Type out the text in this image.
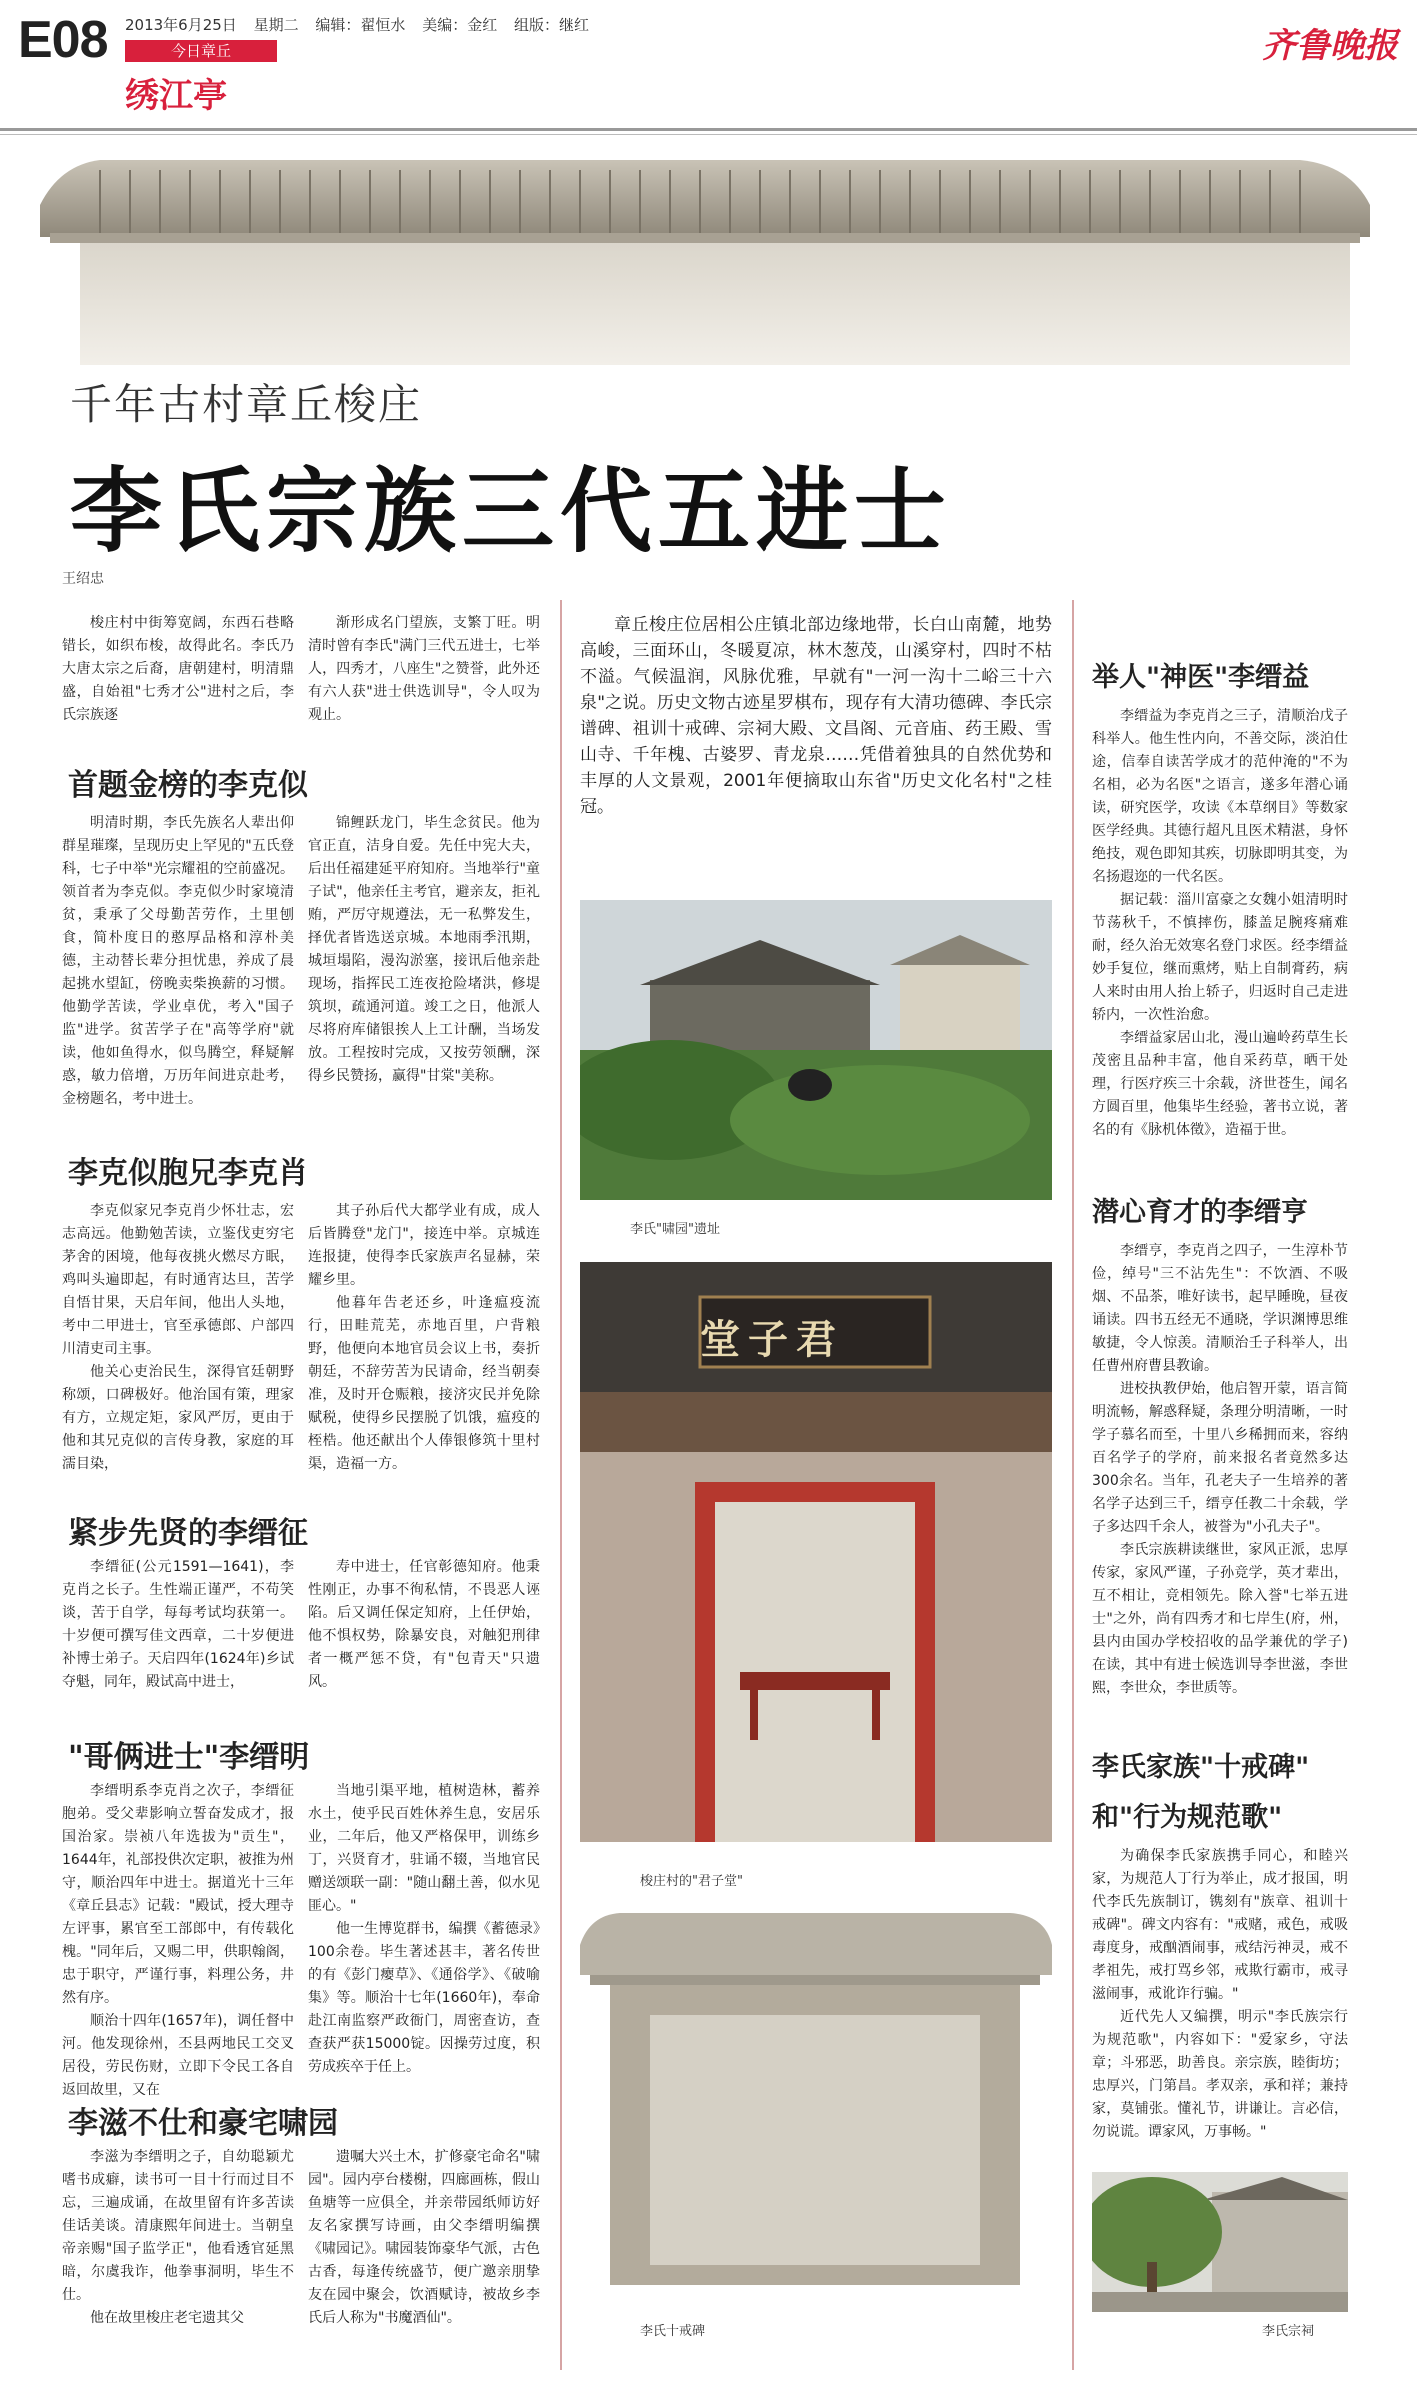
E08 2013年6月25日 星期二 编辑：翟恒水 美编：金红 组版：继红
今日章丘
绣江亭
齐鲁晚报
千年古村章丘梭庄
李氏宗族三代五进士
王绍忠

梭庄村中街筹宽阔，东西石巷略错长，如织布梭，故得此名。李氏乃大唐太宗之后裔，唐朝建村，明清鼎盛，自始祖"七秀才公"进村之后，李氏宗族逐

渐形成名门望族，支繁丁旺。明清时曾有李氏"满门三代五进士，七举人，四秀才，八座生"之赞誉，此外还有六人获"进士供选训导"，令人叹为观止。

首题金榜的李克似

明清时期，李氏先族名人辈出仰群星璀璨，呈现历史上罕见的"五氏登科，七子中举"光宗耀祖的空前盛况。领首者为李克似。李克似少时家境清贫，秉承了父母勤苦劳作，土里刨食，简朴度日的憨厚品格和淳朴美德，主动替长辈分担忧患，养成了晨起挑水望缸，傍晚卖柴换薪的习惯。他勤学苦读，学业卓优，考入"国子监"进学。贫苦学子在"高等学府"就读，他如鱼得水，似鸟腾空，释疑解惑，敏力倍增，万历年间进京赴考，金榜题名，考中进士。

锦鲤跃龙门，毕生念贫民。他为官正直，洁身自爱。先任中宪大夫，后出任福建延平府知府。当地举行"童子试"，他亲任主考官，避亲友，拒礼贿，严厉守规遵法，无一私弊发生，择优者皆选送京城。本地雨季汛期，城垣塌陷，漫沟淤塞，接讯后他亲赴现场，指挥民工连夜抢险堵洪，修堤筑坝，疏通河道。竣工之日，他派人尽将府库储银挨人上工计酬，当场发放。工程按时完成，又按劳领酬，深得乡民赞扬，赢得"甘棠"美称。

李克似胞兄李克肖

李克似家兄李克肖少怀壮志，宏志高远。他勤勉苦读，立鉴伐吏穷宅茅舍的困境，他每夜挑火燃尽方眠，鸡叫头遍即起，有时通宵达旦，苦学自悟甘果，天启年间，他出人头地，考中二甲进士，官至承德郎、户部四川清吏司主事。

他关心吏治民生，深得官廷朝野称颂，口碑极好。他治国有策，理家有方，立规定矩，家风严厉，更由于他和其兄克似的言传身教，家庭的耳濡目染，

其子孙后代大都学业有成，成人后皆腾登"龙门"，接连中举。京城连连报捷，使得李氏家族声名显赫，荣耀乡里。

他暮年告老还乡，叶逢瘟疫流行，田畦荒芜，赤地百里，户背粮野，他便向本地官员会议上书，奏折朝廷，不辞劳苦为民请命，经当朝奏准，及时开仓赈粮，接济灾民并免除赋税，使得乡民摆脱了饥饿，瘟疫的桎梏。他还献出个人俸银修筑十里村渠，造福一方。

紧步先贤的李缙征

李缙征(公元1591—1641)，李克肖之长子。生性端正谨严，不苟笑谈，苦于自学，每每考试均获第一。十岁便可撰写佳文西章，二十岁便进补博士弟子。天启四年(1624年)乡试夺魁，同年，殿试高中进士，

寿中进士，任官彰德知府。他秉性刚正，办事不徇私情，不畏恶人诬陷。后又调任保定知府，上任伊始，他不惧权势，除暴安良，对触犯刑律者一概严惩不贷，有"包青天"只遗风。

"哥俩进士"李缙明

李缙明系李克肖之次子，李缙征胞弟。受父辈影响立誓奋发成才，报国治家。崇祯八年选拔为"贡生"，1644年，礼部投供次定职，被推为州守，顺治四年中进士。据道光十三年《章丘县志》记载："殿试，授大理寺左评事，累官至工部郎中，有传载化槐。"同年后，又赐二甲，供职翰阁，忠于职守，严谨行事，料理公务，井然有序。

顺治十四年(1657年)，调任督中河。他发现徐州，丕县两地民工交叉居役，劳民伤财，立即下令民工各自返回故里，又在

当地引渠平地，植树造林，蓄养水土，使乎民百姓休养生息，安居乐业，二年后，他又严格保甲，训练乡丁，兴贤育才，驻诵不辍，当地官民赠送颂联一副："随山翻土善，似水见匪心。"

他一生博览群书，编撰《蓄德录》100余卷。毕生著述甚丰，著名传世的有《彭门瘿草》、《通俗学》、《破喻集》等。顺治十七年(1660年)，奉命赴江南监察严政衙门，周密查访，查查获严获15000锭。因操劳过度，积劳成疾卒于任上。

李滋不仕和豪宅啸园

李滋为李缙明之子，自幼聪颖尤嗜书成癖，读书可一目十行而过目不忘，三遍成诵，在故里留有许多苦读佳话美谈。清康熙年间进士。当朝皇帝亲赐"国子监学正"，他看透官延黑暗，尔虞我诈，他拳事洞明，毕生不仕。

他在故里梭庄老宅遗其父

遗嘱大兴土木，扩修豪宅命名"啸园"。园内亭台楼榭，四廊画栋，假山鱼塘等一应俱全，并亲带园纸师访好友名家撰写诗画，由父李缙明编撰《啸园记》。啸园装饰豪华气派，古色古香，每逢传统盛节，便广邀亲朋挚友在园中聚会，饮酒赋诗，被故乡李氏后人称为"书魔酒仙"。

章丘梭庄位居相公庄镇北部边缘地带，长白山南麓，地势高峻，三面环山，冬暖夏凉，林木葱茂，山溪穿村，四时不枯不溢。气候温润，风脉优雅，早就有"一河一沟十二峪三十六泉"之说。历史文物古迹星罗棋布，现存有大清功德碑、李氏宗谱碑、祖训十戒碑、宗祠大殿、文昌阁、元音庙、药王殿、雪山寺、千年槐、古婆罗、青龙泉……凭借着独具的自然优势和丰厚的人文景观，2001年便摘取山东省"历史文化名村"之桂冠。

李氏"啸园"遗址
堂子君
梭庄村的"君子堂"
李氏十戒碑
举人"神医"李缙益

李缙益为李克肖之三子，清顺治戊子科举人。他生性内向，不善交际，淡泊仕途，信奉自读苦学成才的范仲淹的"不为名相，必为名医"之语言，遂多年潜心诵读，研究医学，攻读《本草纲目》等数家医学经典。其德行超凡且医术精湛，身怀绝技，观色即知其疾，切脉即明其变，为名扬遐迩的一代名医。

据记载：淄川富豪之女魏小姐清明时节荡秋千，不慎摔伤，膝盖足腕疼痛难耐，经久治无效寒名登门求医。经李缙益妙手复位，继而熏烤，贴上自制膏药，病人来时由用人抬上轿子，归返时自己走进轿内，一次性治愈。

李缙益家居山北，漫山遍岭药草生长茂密且品种丰富，他自采药草，晒干处理，行医疗疾三十余载，济世苍生，闻名方圆百里，他集毕生经验，著书立说，著名的有《脉机体徵》，造福于世。

潜心育才的李缙亨

李缙亨，李克肖之四子，一生淳朴节俭，绰号"三不沾先生"：不饮酒、不吸烟、不品茶，唯好读书，起早睡晚，昼夜诵读。四书五经无不通晓，学识渊博思维敏捷，令人惊羡。清顺治壬子科举人，出任曹州府曹县教谕。

进校执教伊始，他启智开蒙，语言简明流畅，解惑释疑，条理分明清晰，一时学子慕名而至，十里八乡稀拥而来，容纳百名学子的学府，前来报名者竟然多达300余名。当年，孔老夫子一生培养的著名学子达到三千，缙亨任教二十余载，学子多达四千余人，被誉为"小孔夫子"。

李氏宗族耕读继世，家风正派，忠厚传家，家风严谨，子孙竞学，英才辈出，互不相让，竞相领先。除入誉"七举五进士"之外，尚有四秀才和七岸生(府，州，县内由国办学校招收的品学兼优的学子)在读，其中有进士候选训导李世滋，李世熙，李世众，李世质等。

李氏家族"十戒碑"
和"行为规范歌"

为确保李氏家族携手同心，和睦兴家，为规范人丁行为举止，成才报国，明代李氏先族制订，镌刻有"族章、祖训十戒碑"。碑文内容有："戒赌，戒色，戒吸毒度身，戒酗酒闹事，戒结污神灵，戒不孝祖先，戒打骂乡邻，戒欺行霸市，戒寻滋闹事，戒讹诈行骗。"

近代先人又编撰，明示"李氏族宗行为规范歌"，内容如下："爱家乡，守法章；斗邪恶，助善良。亲宗族，睦街坊；忠厚兴，门第昌。孝双亲，承和祥；兼持家，莫铺张。懂礼节，讲谦让。言必信，勿说谎。谭家风，万事畅。"

李氏宗祠
